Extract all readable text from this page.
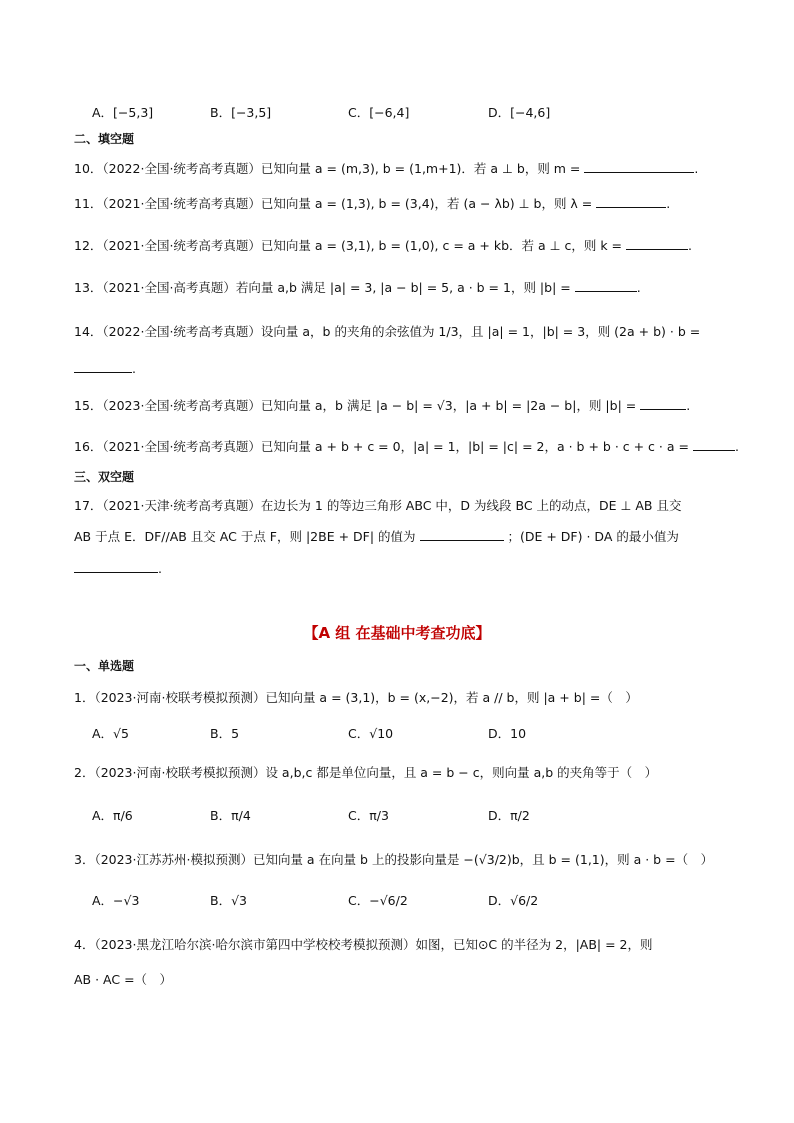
A．[−5,3]	B．[−3,5]	C．[−6,4]	D．[−4,6]
二、填空题
10．（2022·全国·统考高考真题）已知向量 a = (m,3), b = (1,m+1)．若 a ⊥ b，则 m =	.
11．（2021·全国·统考高考真题）已知向量 a = (1,3), b = (3,4)，若 (a − λb) ⊥ b，则 λ =	.
12．（2021·全国·统考高考真题）已知向量 a = (3,1), b = (1,0), c = a + kb．若 a ⊥ c，则 k =	.
13．（2021·全国·高考真题）若向量 a,b 满足 |a| = 3, |a − b| = 5, a · b = 1，则 |b| =	.
14．（2022·全国·统考高考真题）设向量 a，b 的夹角的余弦值为 1/3，且 |a| = 1，|b| = 3，则 (2a + b) · b =
.
15．（2023·全国·统考高考真题）已知向量 a，b 满足 |a − b| = √3，|a + b| = |2a − b|，则 |b| =	.
16．（2021·全国·统考高考真题）已知向量 a + b + c = 0，|a| = 1，|b| = |c| = 2，a · b + b · c + c · a =	.
三、双空题
17．（2021·天津·统考高考真题）在边长为 1 的等边三角形 ABC 中，D 为线段 BC 上的动点，DE ⊥ AB 且交
AB 于点 E．DF//AB 且交 AC 于点 F，则 |2BE + DF| 的值为	；(DE + DF) · DA 的最小值为
.
【A 组 在基础中考查功底】
一、单选题
1．（2023·河南·校联考模拟预测）已知向量 a = (3,1)，b = (x,−2)，若 a // b，则 |a + b| =（　）
A．√5	B．5	C．√10	D．10
2．（2023·河南·校联考模拟预测）设 a,b,c 都是单位向量，且 a = b − c，则向量 a,b 的夹角等于（　）
A．π/6	B．π/4	C．π/3	D．π/2
3．（2023·江苏苏州·模拟预测）已知向量 a 在向量 b 上的投影向量是 −(√3/2)b，且 b = (1,1)，则 a · b =（　）
A．−√3	B．√3	C．−√6/2	D．√6/2
4．（2023·黑龙江哈尔滨·哈尔滨市第四中学校校考模拟预测）如图，已知⊙C 的半径为 2，|AB| = 2，则
AB · AC =（　）
